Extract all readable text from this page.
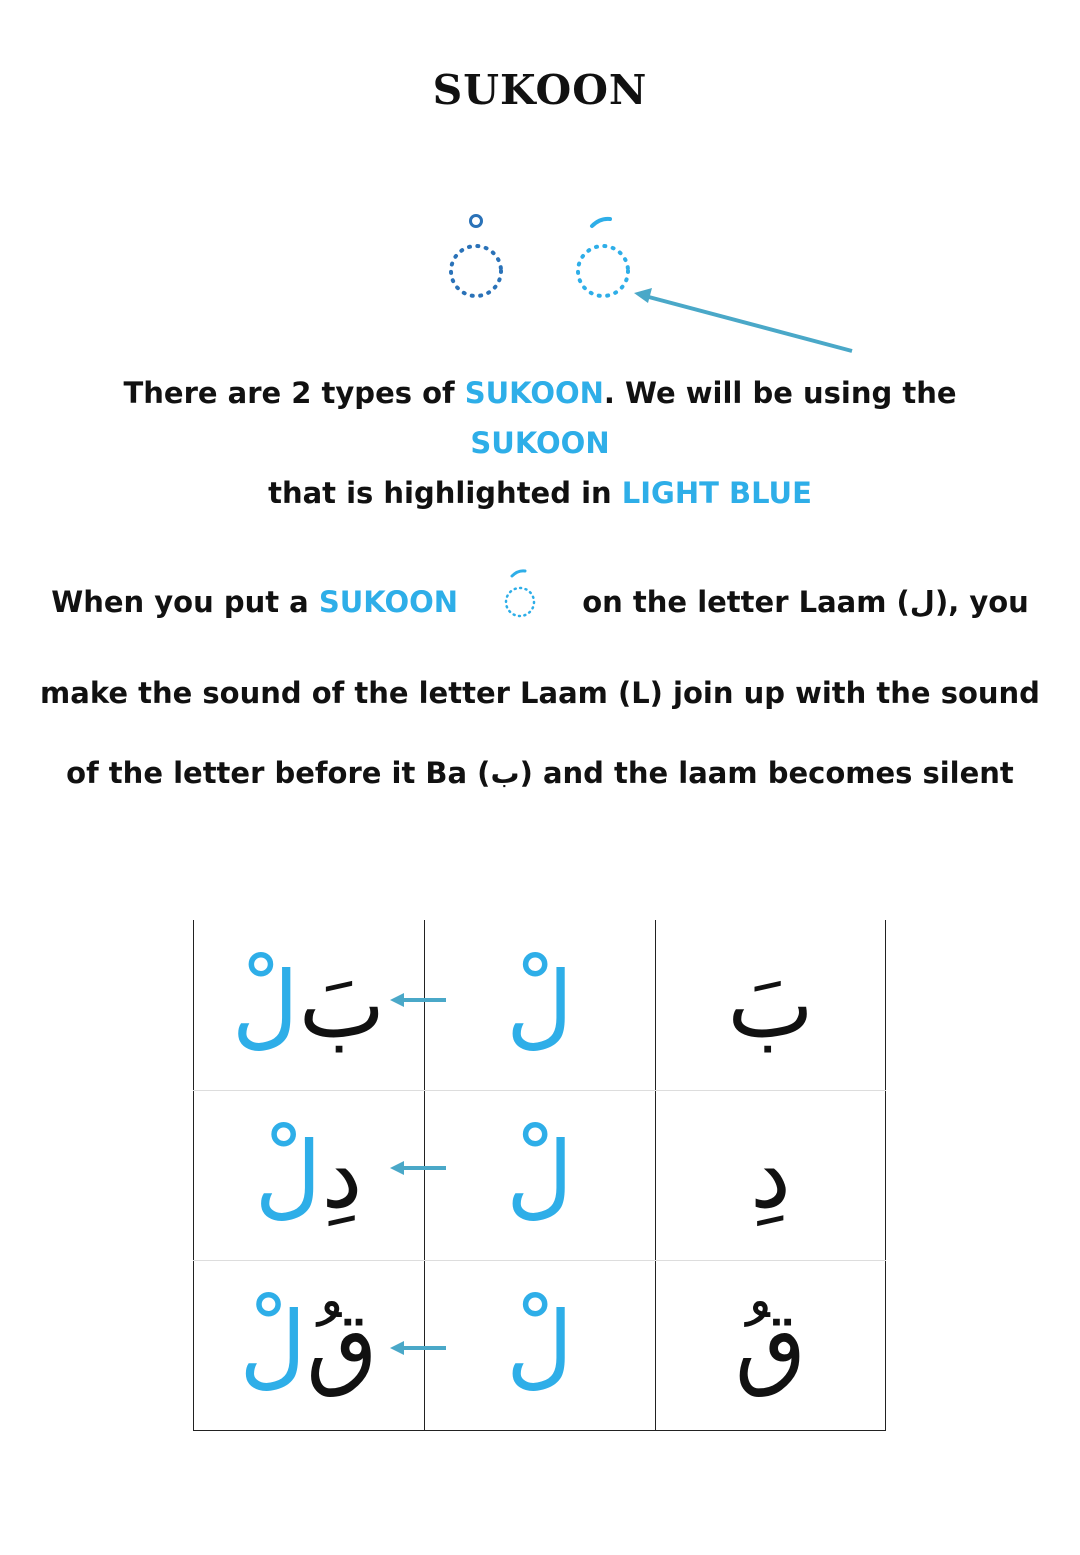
SUKOON
There are 2 types of SUKOON. We will be using the SUKOON
that is highlighted in LIGHT BLUE
When you put a SUKOON	on the letter Laam (ل), you
make the sound of the letter Laam (L) join up with the sound
of the letter before it Ba (ب) and the laam becomes silent
بَ
لْ
بَ
لْ
دِ
لْ
دِ
لْ
قُ
لْ
قُ
لْ
